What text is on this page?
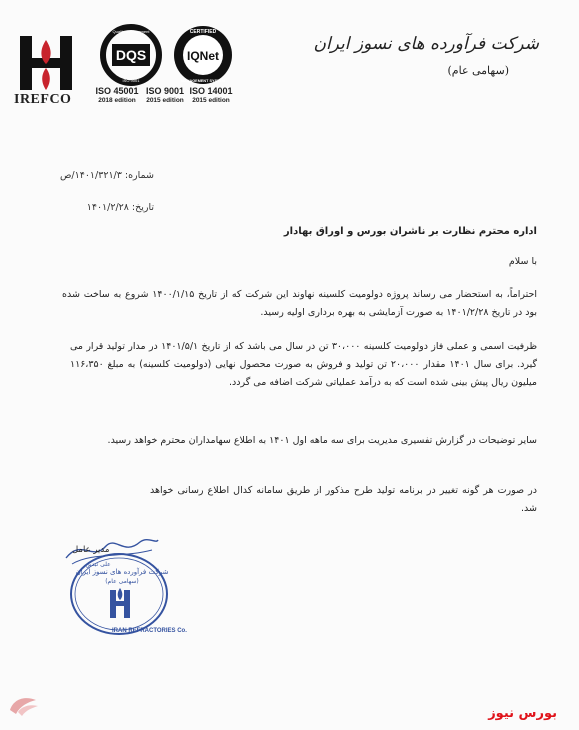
IREFCO
DQS
Quality Management
ISO 9001
IQNet
CERTIFIED
MANAGEMENT SYSTEM
ISO 45001
2018 edition
ISO 9001
2015 edition
ISO 14001
2015 edition
شرکت فرآورده های نسوز ایران
(سهامی عام)
شماره: ۱۴۰۱/۳۲۱/۳/ص
تاریخ: ۱۴۰۱/۲/۲۸
اداره محترم نظارت بر ناشران بورس و اوراق بهادار
با سلام
احتراماً، به استحضار می رساند پروژه دولومیت کلسینه نهاوند این شرکت که از تاریخ ۱۴۰۰/۱/۱۵ شروع به ساخت شده بود در تاریخ ۱۴۰۱/۲/۲۸ به صورت آزمایشی به بهره برداری اولیه رسید.
ظرفیت اسمی و عملی فاز دولومیت کلسینه ۳۰،۰۰۰ تن در سال می باشد که از تاریخ ۱۴۰۱/۵/۱ در مدار تولید قرار می گیرد. برای سال ۱۴۰۱ مقدار ۲۰،۰۰۰ تن تولید و فروش به صورت محصول نهایی (دولومیت کلسینه) به مبلغ ۱۱۶،۳۵۰ میلیون ریال پیش بینی شده است که به درآمد عملیاتی شرکت اضافه می گردد.
سایر توضیحات در گزارش تفسیری مدیریت برای سه ماهه اول ۱۴۰۱ به اطلاع سهامداران محترم خواهد رسید.
در صورت هر گونه تغییر در برنامه تولید طرح مذکور از طریق سامانه کدال اطلاع رسانی خواهد شد.
مدیر عامل
شرکت فرآورده های نسوز ایران
(سهامی عام)
علی تبدین
IRAN REFRACTORIES Co.
بورس نیوز
